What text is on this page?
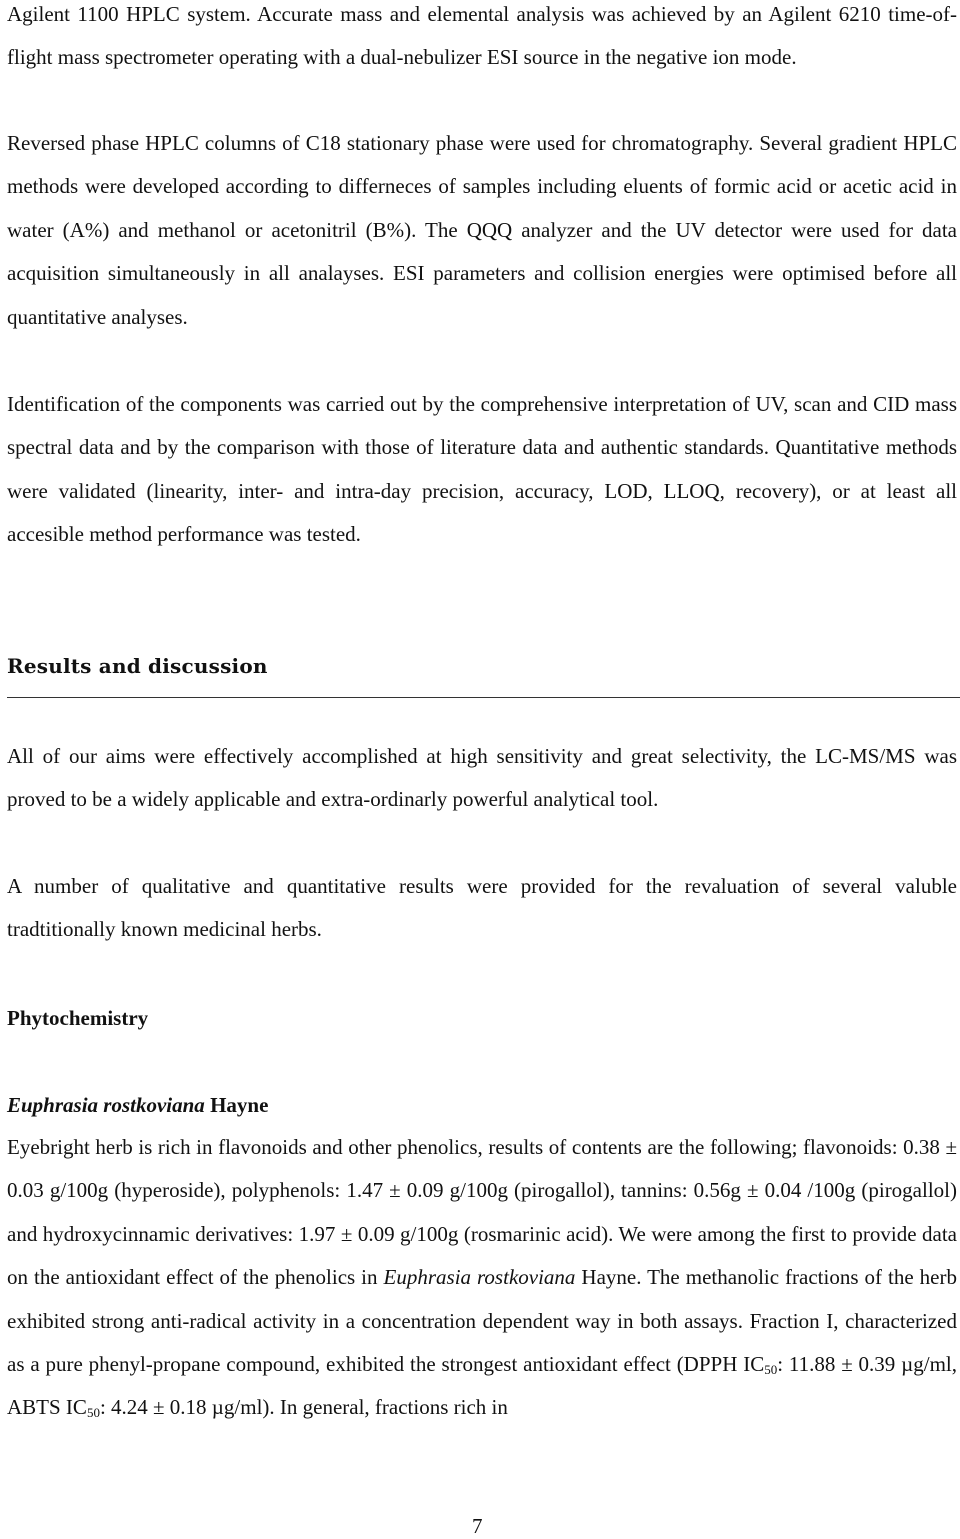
Agilent 1100 HPLC system. Accurate mass and elemental analysis was achieved by an Agilent 6210 time-of-flight mass spectrometer operating with a dual-nebulizer ESI source in the negative ion mode.

Reversed phase HPLC columns of C18 stationary phase were used for chromatography. Several gradient HPLC methods were developed according to differneces of samples including eluents of formic acid or acetic acid in water (A%) and methanol or acetonitril (B%). The QQQ analyzer and the UV detector were used for data acquisition simultaneously in all analayses. ESI parameters and collision energies were optimised before all quantitative analyses.

Identification of the components was carried out by the comprehensive interpretation of UV, scan and CID mass spectral data and by the comparison with those of literature data and authentic standards. Quantitative methods were validated (linearity, inter- and intra-day precision, accuracy, LOD, LLOQ, recovery), or at least all accesible method performance was tested.

Results and discussion

All of our aims were effectively accomplished at high sensitivity and great selectivity, the LC-MS/MS was proved to be a widely applicable and extra-ordinarly powerful analytical tool.

A number of qualitative and quantitative results were provided for the revaluation of several valuble tradtitionally known medicinal herbs.

Phytochemistry
Euphrasia rostkoviana Hayne

Eyebright herb is rich in flavonoids and other phenolics, results of contents are the following; flavonoids: 0.38 ± 0.03 g/100g (hyperoside), polyphenols: 1.47 ± 0.09 g/100g (pirogallol), tannins: 0.56g ± 0.04 /100g (pirogallol) and hydroxycinnamic derivatives: 1.97 ± 0.09 g/100g (rosmarinic acid). We were among the first to provide data on the antioxidant effect of the phenolics in Euphrasia rostkoviana Hayne. The methanolic fractions of the herb exhibited strong anti-radical activity in a concentration dependent way in both assays. Fraction I, characterized as a pure phenyl-propane compound, exhibited the strongest antioxidant effect (DPPH $IC_{50}$: 11.88 ± 0.39 µg/ml, ABTS $IC_{50}$: 4.24 ± 0.18 µg/ml). In general, fractions rich in

7
